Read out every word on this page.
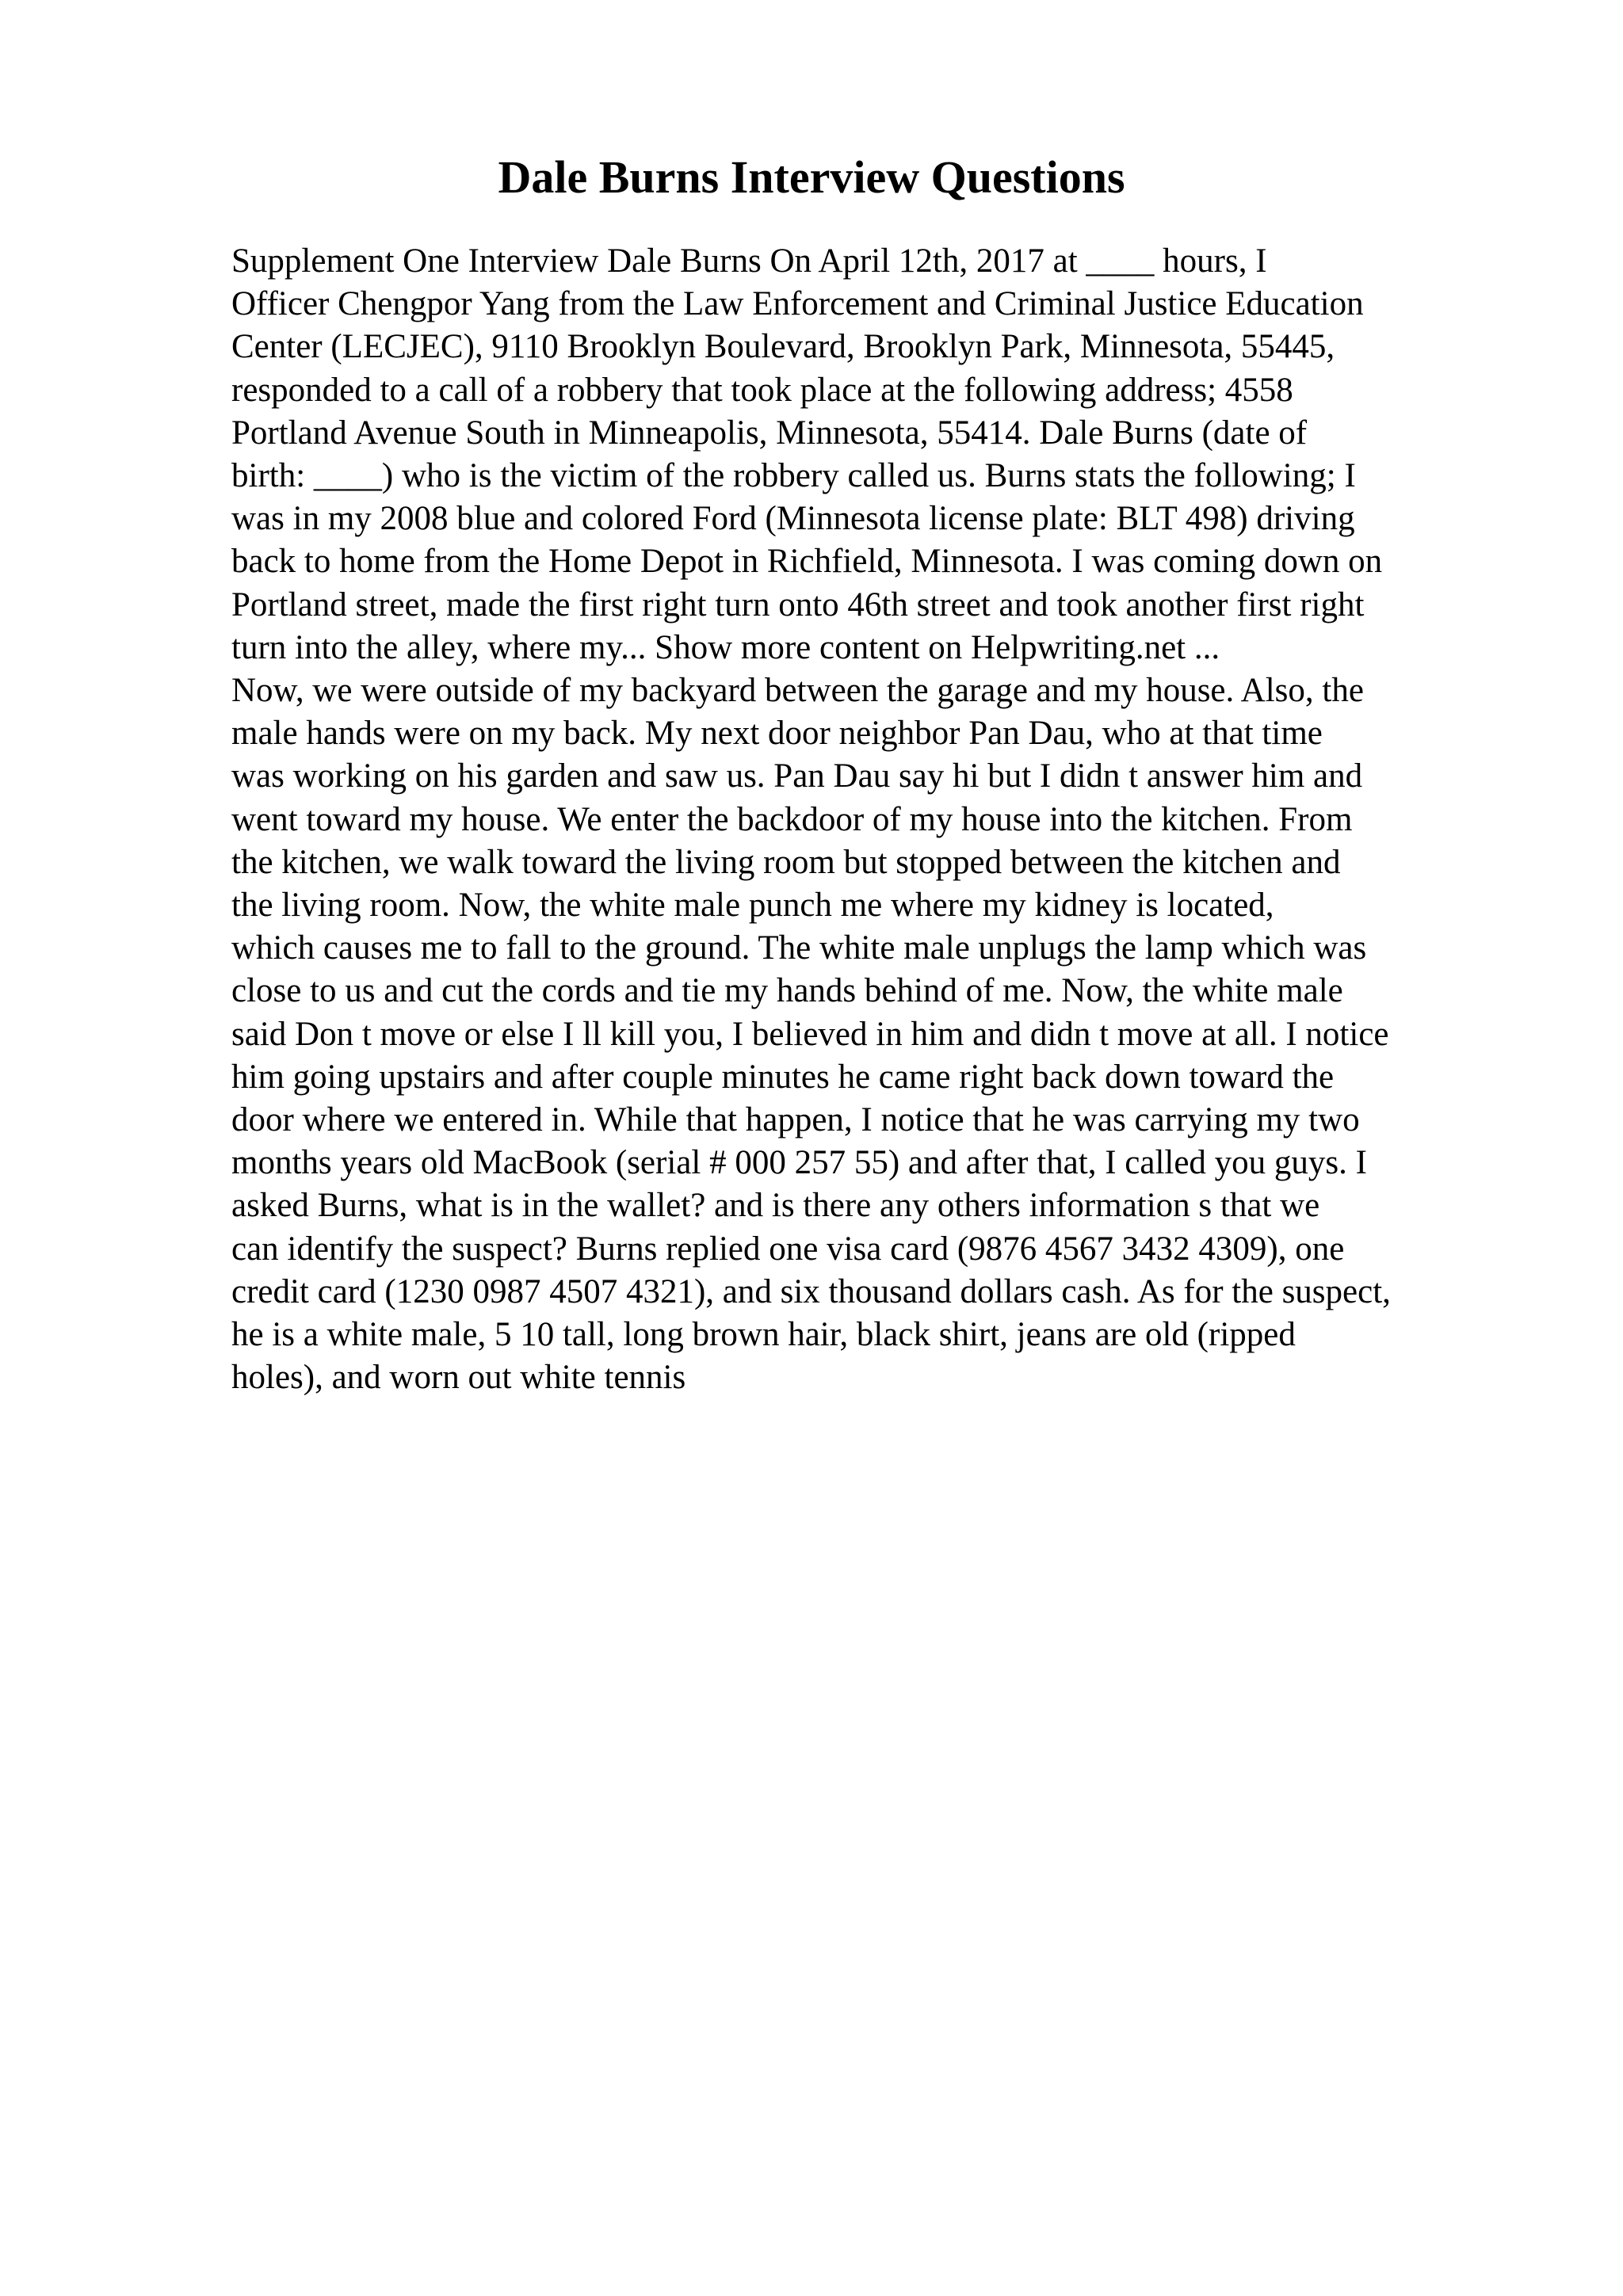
Dale Burns Interview Questions
Supplement One Interview Dale Burns On April 12th, 2017 at ____ hours, I
Officer Chengpor Yang from the Law Enforcement and Criminal Justice Education
Center (LECJEC), 9110 Brooklyn Boulevard, Brooklyn Park, Minnesota, 55445,
responded to a call of a robbery that took place at the following address; 4558
Portland Avenue South in Minneapolis, Minnesota, 55414. Dale Burns (date of
birth: ____) who is the victim of the robbery called us. Burns stats the following; I
was in my 2008 blue and colored Ford (Minnesota license plate: BLT 498) driving
back to home from the Home Depot in Richfield, Minnesota. I was coming down on
Portland street, made the first right turn onto 46th street and took another first right
turn into the alley, where my... Show more content on Helpwriting.net ...
Now, we were outside of my backyard between the garage and my house. Also, the
male hands were on my back. My next door neighbor Pan Dau, who at that time
was working on his garden and saw us. Pan Dau say hi but I didn t answer him and
went toward my house. We enter the backdoor of my house into the kitchen. From
the kitchen, we walk toward the living room but stopped between the kitchen and
the living room. Now, the white male punch me where my kidney is located,
which causes me to fall to the ground. The white male unplugs the lamp which was
close to us and cut the cords and tie my hands behind of me. Now, the white male
said Don t move or else I ll kill you, I believed in him and didn t move at all. I notice
him going upstairs and after couple minutes he came right back down toward the
door where we entered in. While that happen, I notice that he was carrying my two
months years old MacBook (serial # 000 257 55) and after that, I called you guys. I
asked Burns, what is in the wallet? and is there any others information s that we
can identify the suspect? Burns replied one visa card (9876 4567 3432 4309), one
credit card (1230 0987 4507 4321), and six thousand dollars cash. As for the suspect,
he is a white male, 5 10 tall, long brown hair, black shirt, jeans are old (ripped
holes), and worn out white tennis
